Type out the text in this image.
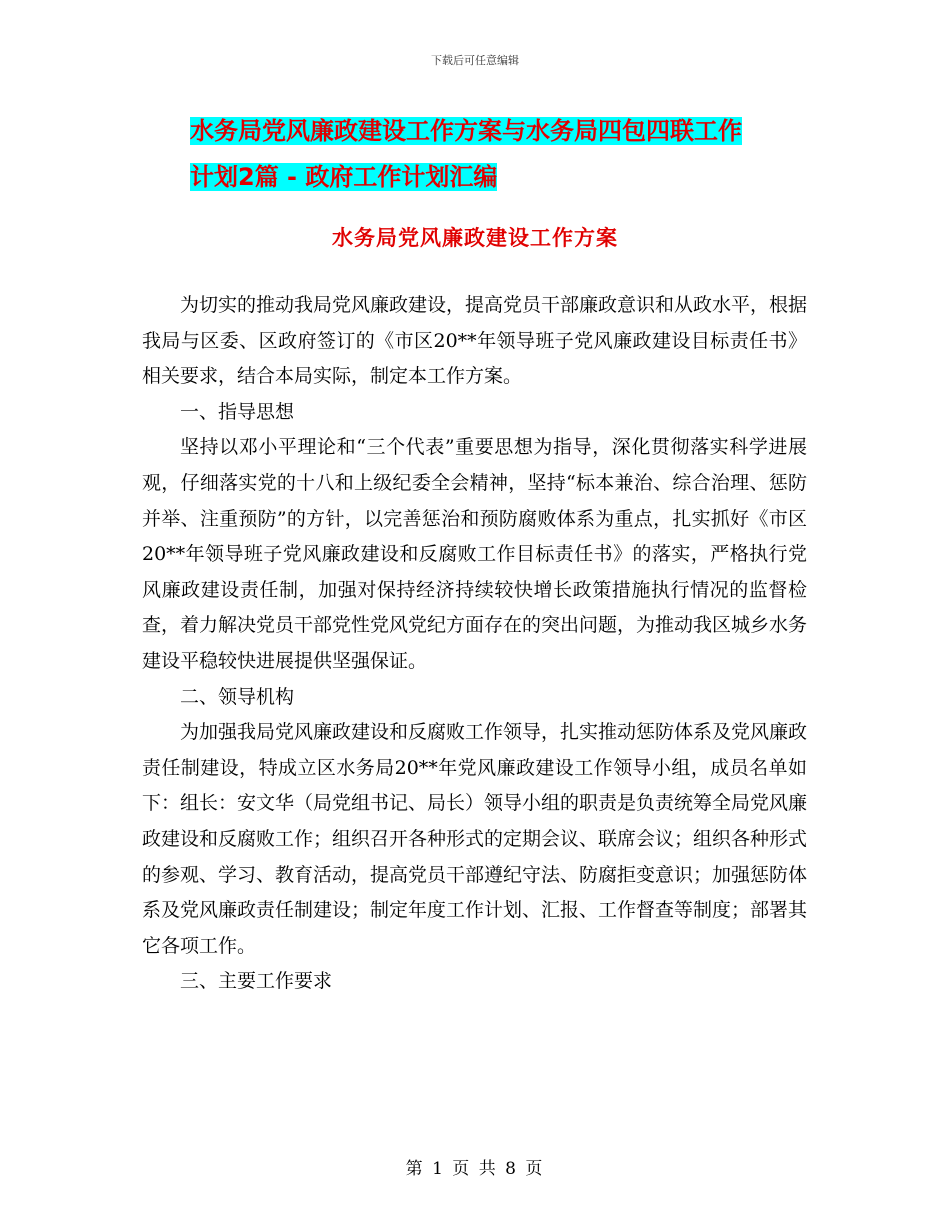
下载后可任意编辑
水务局党风廉政建设工作方案与水务局四包四联工作
计划2篇 - 政府工作计划汇编
水务局党风廉政建设工作方案

为切实的推动我局党风廉政建设，提高党员干部廉政意识和从政水平，根据我局与区委、区政府签订的《市区20**年领导班子党风廉政建设目标责任书》相关要求，结合本局实际，制定本工作方案。

一、指导思想

坚持以邓小平理论和“三个代表”重要思想为指导，深化贯彻落实科学进展观，仔细落实党的十八和上级纪委全会精神，坚持“标本兼治、综合治理、惩防并举、注重预防”的方针，以完善惩治和预防腐败体系为重点，扎实抓好《市区20**年领导班子党风廉政建设和反腐败工作目标责任书》的落实，严格执行党风廉政建设责任制，加强对保持经济持续较快增长政策措施执行情况的监督检查，着力解决党员干部党性党风党纪方面存在的突出问题，为推动我区城乡水务建设平稳较快进展提供坚强保证。

二、领导机构

为加强我局党风廉政建设和反腐败工作领导，扎实推动惩防体系及党风廉政责任制建设，特成立区水务局20**年党风廉政建设工作领导小组，成员名单如下：组长：安文华（局党组书记、局长）领导小组的职责是负责统筹全局党风廉政建设和反腐败工作；组织召开各种形式的定期会议、联席会议；组织各种形式的参观、学习、教育活动，提高党员干部遵纪守法、防腐拒变意识；加强惩防体系及党风廉政责任制建设；制定年度工作计划、汇报、工作督查等制度；部署其它各项工作。

三、主要工作要求

第 1 页 共 8 页
